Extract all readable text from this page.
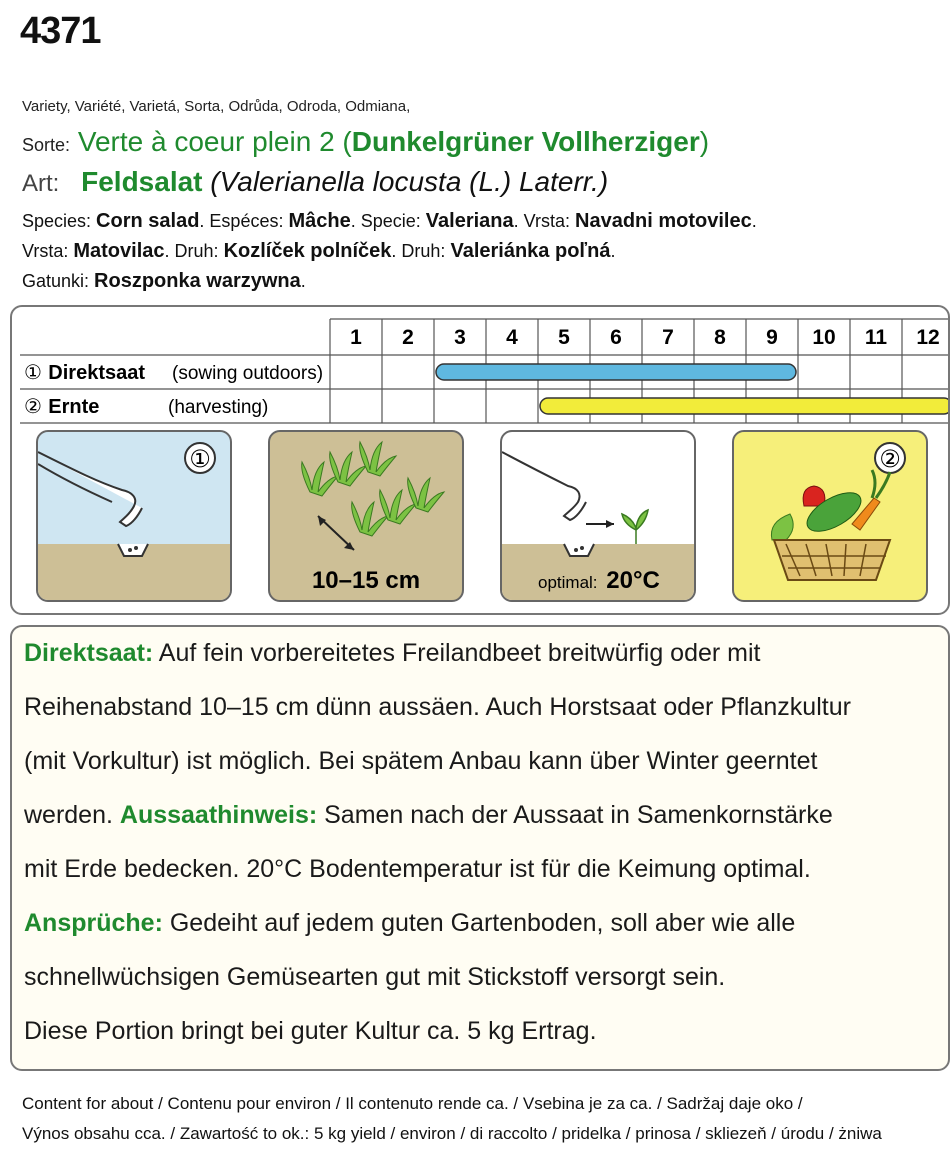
4371
Variety, Variété, Varietá, Sorta, Odrůda, Odroda, Odmiana,
Sorte: Verte à coeur plein 2 (Dunkelgrüner Vollherziger)
Art: Feldsalat (Valerianella locusta (L.) Laterr.)
Species: Corn salad. Espéces: Mâche. Specie: Valeriana. Vrsta: Navadni motovilec.
Vrsta: Matovilac. Druh: Kozlíček polníček. Druh: Valeriánka poľná.
Gatunki: Roszponka warzywna.
1 2 3 4 5 6 7 8 9 10 11 12
① Direktsaat (sowing outdoors)
② Ernte	(harvesting)
①
10–15 cm	optimal: 20°C
②
Direktsaat: Auf fein vorbereitetes Freilandbeet breitwürfig oder mit
Reihenabstand 10–15 cm dünn aussäen. Auch Horstsaat oder Pflanzkultur
(mit Vorkultur) ist möglich. Bei spätem Anbau kann über Winter geerntet
werden. Aussaathinweis: Samen nach der Aussaat in Samenkornstärke
mit Erde bedecken. 20°C Bodentemperatur ist für die Keimung optimal.
Ansprüche: Gedeiht auf jedem guten Gartenboden, soll aber wie alle
schnellwüchsigen Gemüsearten gut mit Stickstoff versorgt sein.
Diese Portion bringt bei guter Kultur ca. 5 kg Ertrag.
Content for about / Contenu pour environ / Il contenuto rende ca. / Vsebina je za ca. / Sadržaj daje oko /
Výnos obsahu cca. / Zawartość to ok.: 5 kg yield / environ / di raccolto / pridelka / prinosa / skliezeň / úrodu / żniwa
